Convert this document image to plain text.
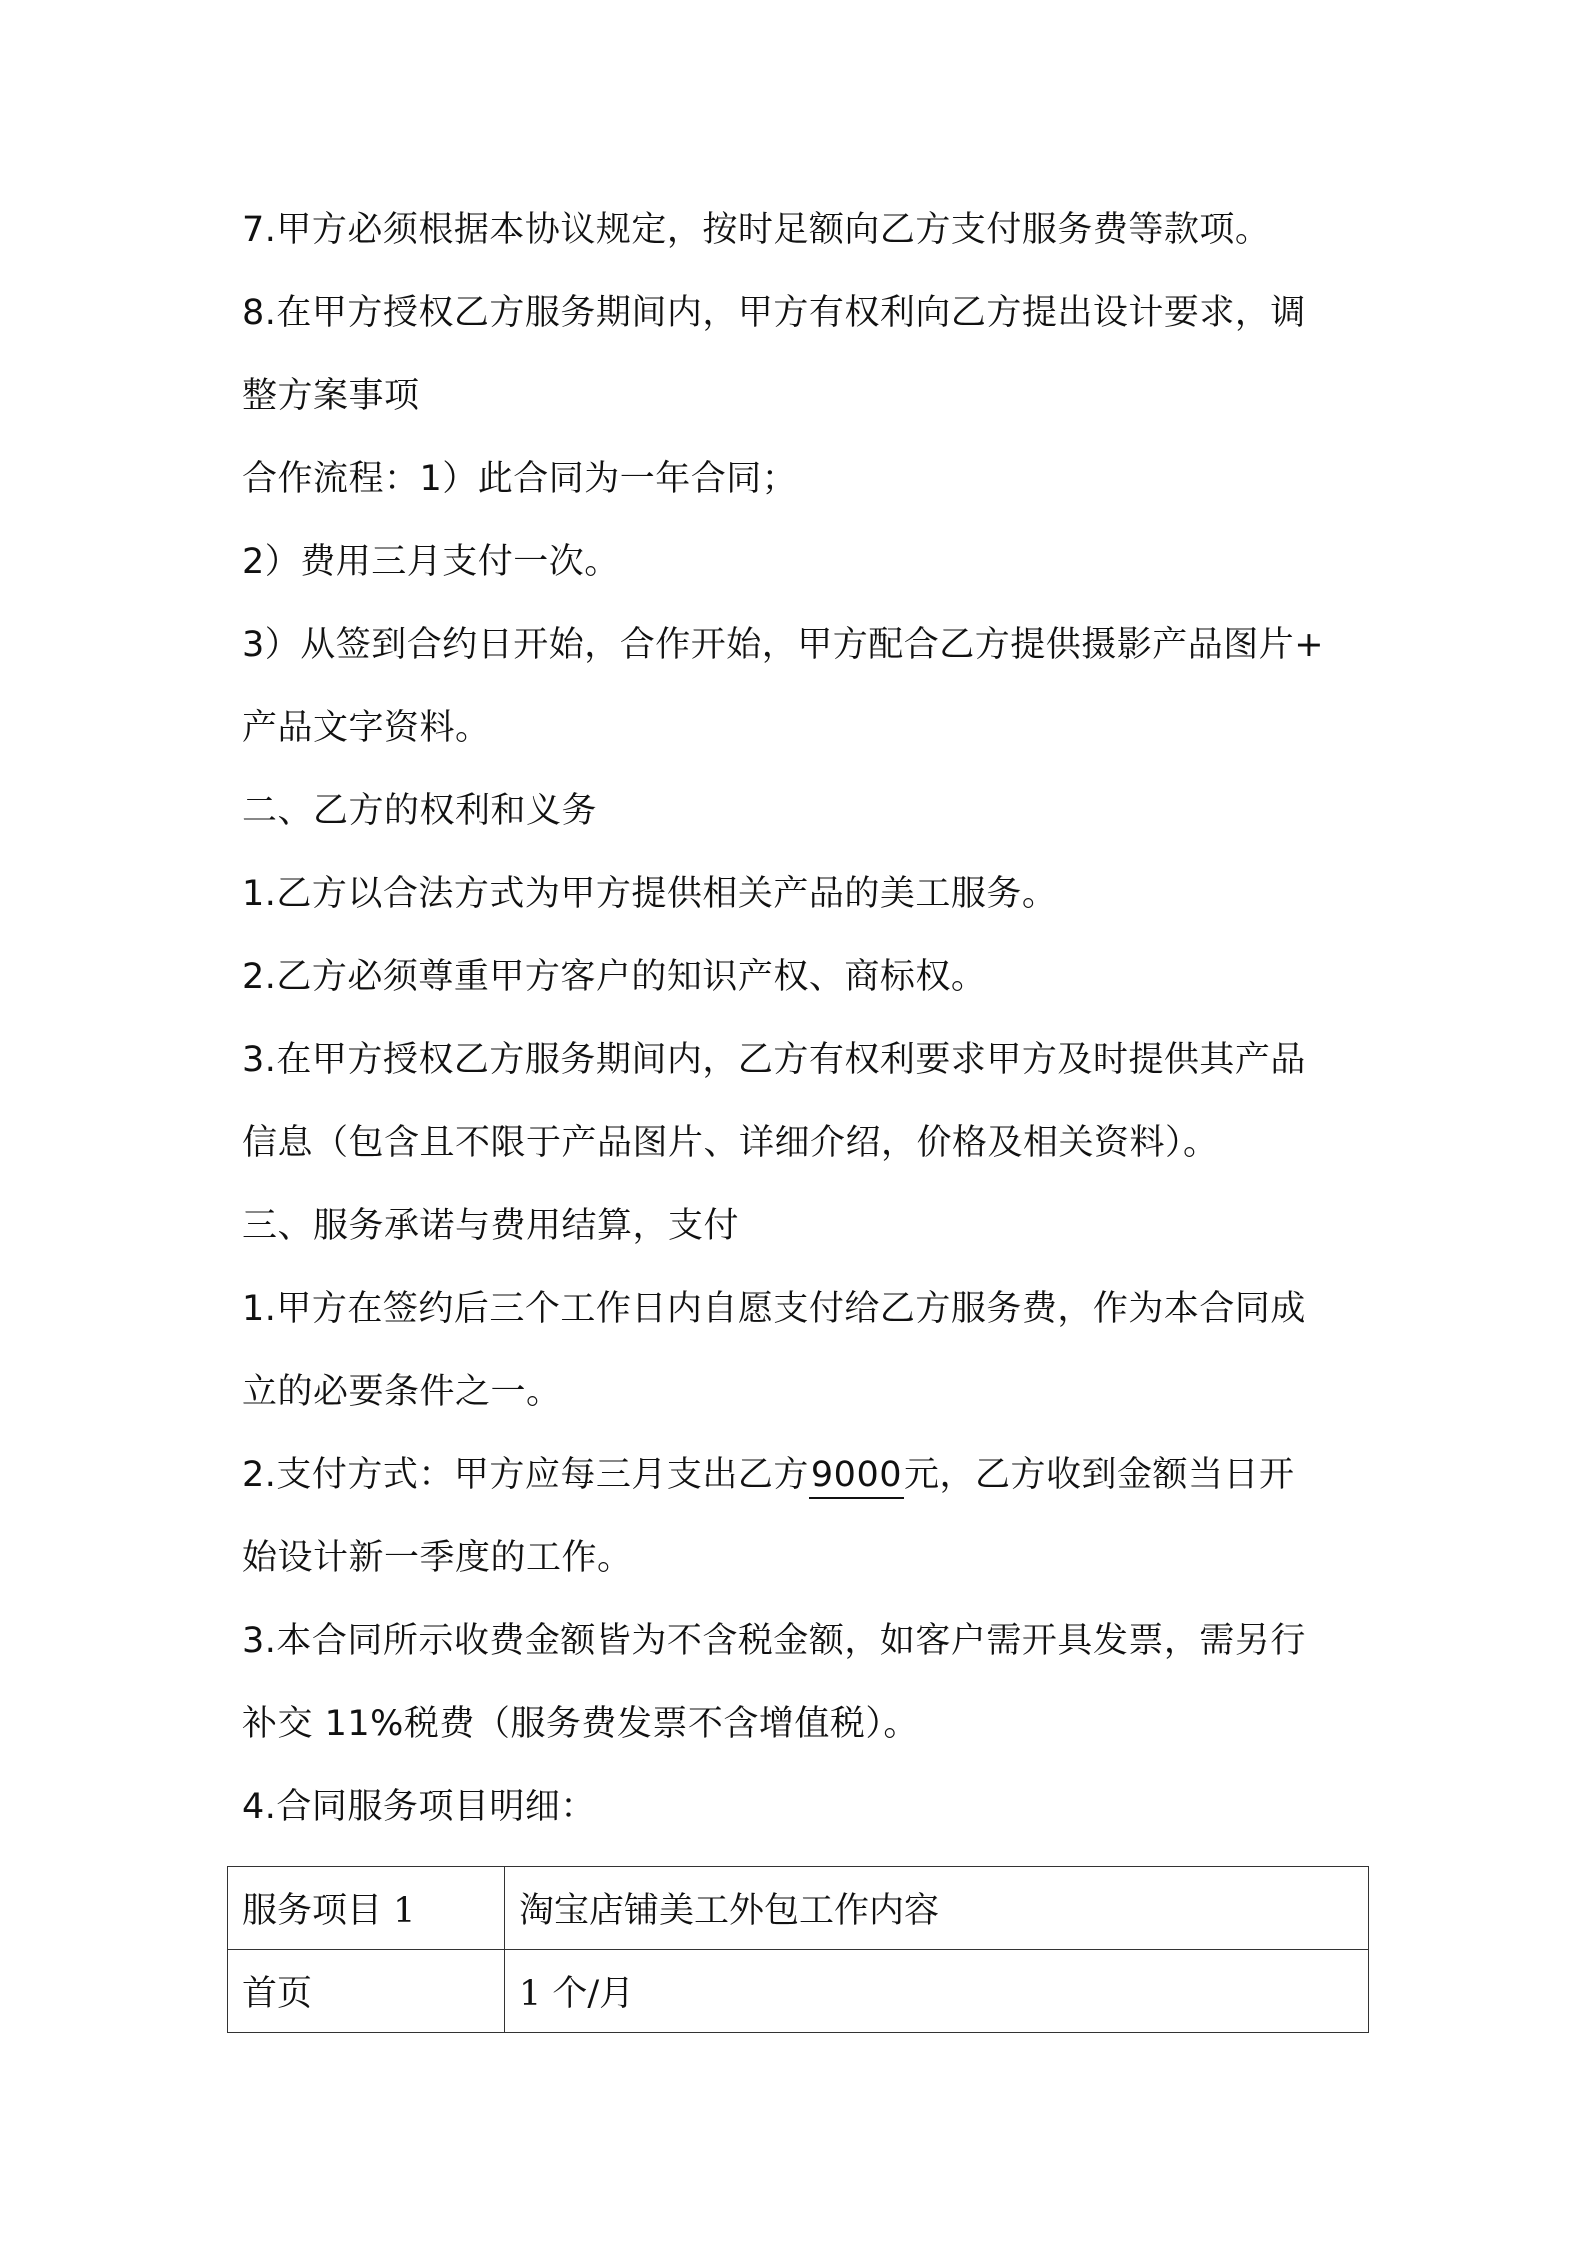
7.甲方必须根据本协议规定，按时足额向乙方支付服务费等款项。
8.在甲方授权乙方服务期间内，甲方有权利向乙方提出设计要求，调
整方案事项
合作流程：1）此合同为一年合同；
2）费用三月支付一次。
3）从签到合约日开始，合作开始，甲方配合乙方提供摄影产品图片+
产品文字资料。
二、乙方的权利和义务
1.乙方以合法方式为甲方提供相关产品的美工服务。
2.乙方必须尊重甲方客户的知识产权、商标权。
3.在甲方授权乙方服务期间内，乙方有权利要求甲方及时提供其产品
信息（包含且不限于产品图片、详细介绍，价格及相关资料）。
三、服务承诺与费用结算，支付
1.甲方在签约后三个工作日内自愿支付给乙方服务费，作为本合同成
立的必要条件之一。
2.支付方式：甲方应每三月支出乙方9000元，乙方收到金额当日开
始设计新一季度的工作。
3.本合同所示收费金额皆为不含税金额，如客户需开具发票，需另行
补交 11%税费（服务费发票不含增值税）。
4.合同服务项目明细：
服务项目 1	淘宝店铺美工外包工作内容
首页	1 个/月
